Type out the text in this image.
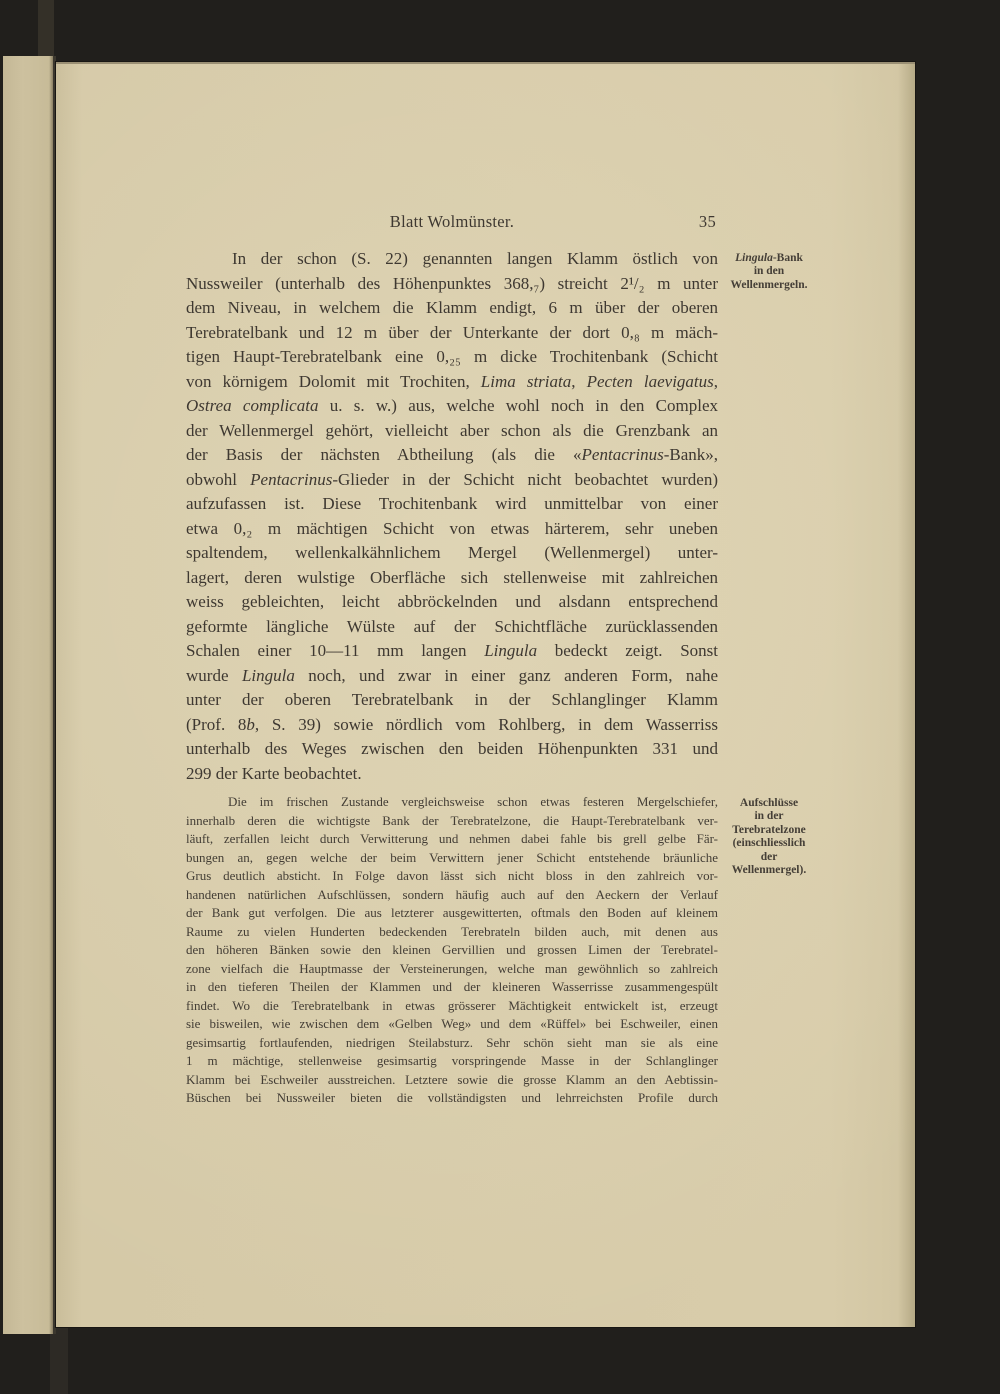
Blatt Wolmünster.	35
In der schon (S. 22) genannten langen Klamm östlich von
Nussweiler (unterhalb des Höhenpunktes 368,₇) streicht 2¹/₂ m unter
dem Niveau, in welchem die Klamm endigt, 6 m über der oberen
Terebratelbank und 12 m über der Unterkante der dort 0,₈ m mäch-
tigen Haupt-Terebratelbank eine 0,₂₅ m dicke Trochitenbank (Schicht
von körnigem Dolomit mit Trochiten, Lima striata, Pecten laevigatus,
Ostrea complicata u. s. w.) aus, welche wohl noch in den Complex
der Wellenmergel gehört, vielleicht aber schon als die Grenzbank an
der Basis der nächsten Abtheilung (als die «Pentacrinus-Bank»,
obwohl Pentacrinus-Glieder in der Schicht nicht beobachtet wurden)
aufzufassen ist. Diese Trochitenbank wird unmittelbar von einer
etwa 0,₂ m mächtigen Schicht von etwas härterem, sehr uneben
spaltendem, wellenkalkähnlichem Mergel (Wellenmergel) unter-
lagert, deren wulstige Oberfläche sich stellenweise mit zahlreichen
weiss gebleichten, leicht abbröckelnden und alsdann entsprechend
geformte längliche Wülste auf der Schichtfläche zurücklassenden
Schalen einer 10—11 mm langen Lingula bedeckt zeigt. Sonst
wurde Lingula noch, und zwar in einer ganz anderen Form, nahe
unter der oberen Terebratelbank in der Schlanglinger Klamm
(Prof. 8b, S. 39) sowie nördlich vom Rohlberg, in dem Wasserriss
unterhalb des Weges zwischen den beiden Höhenpunkten 331 und
299 der Karte beobachtet.
Lingula-Bank
in den
Wellenmergeln.
Die im frischen Zustande vergleichsweise schon etwas festeren Mergelschiefer,
innerhalb deren die wichtigste Bank der Terebratelzone, die Haupt-Terebratelbank ver-
läuft, zerfallen leicht durch Verwitterung und nehmen dabei fahle bis grell gelbe Fär-
bungen an, gegen welche der beim Verwittern jener Schicht entstehende bräunliche
Grus deutlich absticht. In Folge davon lässt sich nicht bloss in den zahlreich vor-
handenen natürlichen Aufschlüssen, sondern häufig auch auf den Aeckern der Verlauf
der Bank gut verfolgen. Die aus letzterer ausgewitterten, oftmals den Boden auf kleinem
Raume zu vielen Hunderten bedeckenden Terebrateln bilden auch, mit denen aus
den höheren Bänken sowie den kleinen Gervillien und grossen Limen der Terebratel-
zone vielfach die Hauptmasse der Versteinerungen, welche man gewöhnlich so zahlreich
in den tieferen Theilen der Klammen und der kleineren Wasserrisse zusammengespült
findet. Wo die Terebratelbank in etwas grösserer Mächtigkeit entwickelt ist, erzeugt
sie bisweilen, wie zwischen dem «Gelben Weg» und dem «Rüffel» bei Eschweiler, einen
gesimsartig fortlaufenden, niedrigen Steilabsturz. Sehr schön sieht man sie als eine
1 m mächtige, stellenweise gesimsartig vorspringende Masse in der Schlanglinger
Klamm bei Eschweiler ausstreichen. Letztere sowie die grosse Klamm an den Aebtissin-
Büschen bei Nussweiler bieten die vollständigsten und lehrreichsten Profile durch
Aufschlüsse
in der
Terebratelzone
(einschliesslich
der
Wellenmergel).
